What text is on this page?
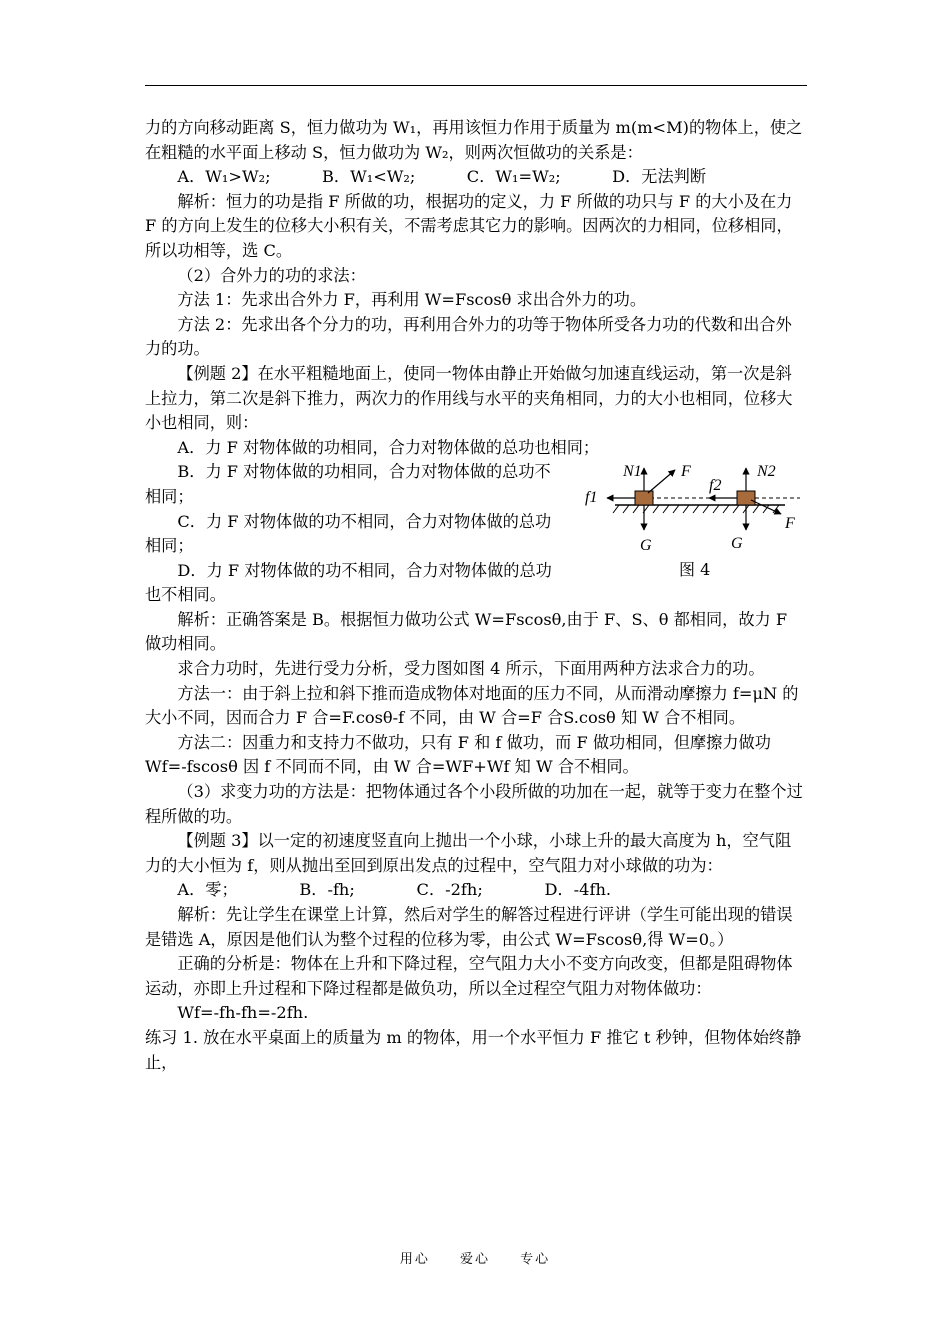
力的方向移动距离 S，恒力做功为 W₁，再用该恒力作用于质量为 m(m<M)的物体上，使之在粗糙的水平面上移动 S，恒力做功为 W₂，则两次恒做功的关系是：

A．W₁>W₂;          B．W₁<W₂;          C．W₁=W₂;          D．无法判断

解析：恒力的功是指 F 所做的功，根据功的定义，力 F 所做的功只与 F 的大小及在力 F 的方向上发生的位移大小积有关，不需考虑其它力的影响。因两次的力相同，位移相同，所以功相等，选 C。

（2）合外力的功的求法：

方法 1：先求出合外力 F，再利用 W=Fscosθ 求出合外力的功。

方法 2：先求出各个分力的功，再利用合外力的功等于物体所受各力功的代数和出合外力的功。

【例题 2】在水平粗糙地面上，使同一物体由静止开始做匀加速直线运动，第一次是斜上拉力，第二次是斜下推力，两次力的作用线与水平的夹角相同，力的大小也相同，位移大小也相同，则：

A．力 F 对物体做的功相同，合力对物体做的总功也相同；

B．力 F 对物体做的功相同，合力对物体做的总功不相同；

C．力 F 对物体做的功不相同，合力对物体做的总功相同；

D．力 F 对物体做的功不相同，合力对物体做的总功也不相同。

N1 F
f1
G
f2
N2
G
F
图 4

解析：正确答案是 B。根据恒力做功公式 W=Fscosθ,由于 F、S、θ 都相同，故力 F 做功相同。

求合力功时，先进行受力分析，受力图如图 4 所示，下面用两种方法求合力的功。

方法一：由于斜上拉和斜下推而造成物体对地面的压力不同，从而滑动摩擦力 f=μN 的大小不同，因而合力 F 合=F.cosθ-f 不同，由 W 合=F 合S.cosθ 知 W 合不相同。

方法二：因重力和支持力不做功，只有 F 和 f 做功，而 F 做功相同，但摩擦力做功 Wf=-fscosθ 因 f 不同而不同，由 W 合=WF+Wf 知 W 合不相同。

（3）求变力功的方法是：把物体通过各个小段所做的功加在一起，就等于变力在整个过程所做的功。

【例题 3】以一定的初速度竖直向上抛出一个小球，小球上升的最大高度为 h，空气阻力的大小恒为 f，则从抛出至回到原出发点的过程中，空气阻力对小球做的功为：

A．零；            B．-fh;            C．-2fh;            D．-4fh.

解析：先让学生在课堂上计算，然后对学生的解答过程进行评讲（学生可能出现的错误是错选 A，原因是他们认为整个过程的位移为零，由公式 W=Fscosθ,得 W=0。）

正确的分析是：物体在上升和下降过程，空气阻力大小不变方向改变，但都是阻碍物体运动，亦即上升过程和下降过程都是做负功，所以全过程空气阻力对物体做功：

Wf=-fh-fh=-2fh.

练习 1. 放在水平桌面上的质量为 m 的物体，用一个水平恒力 F 推它 t 秒钟，但物体始终静止，

用心 爱心 专心
